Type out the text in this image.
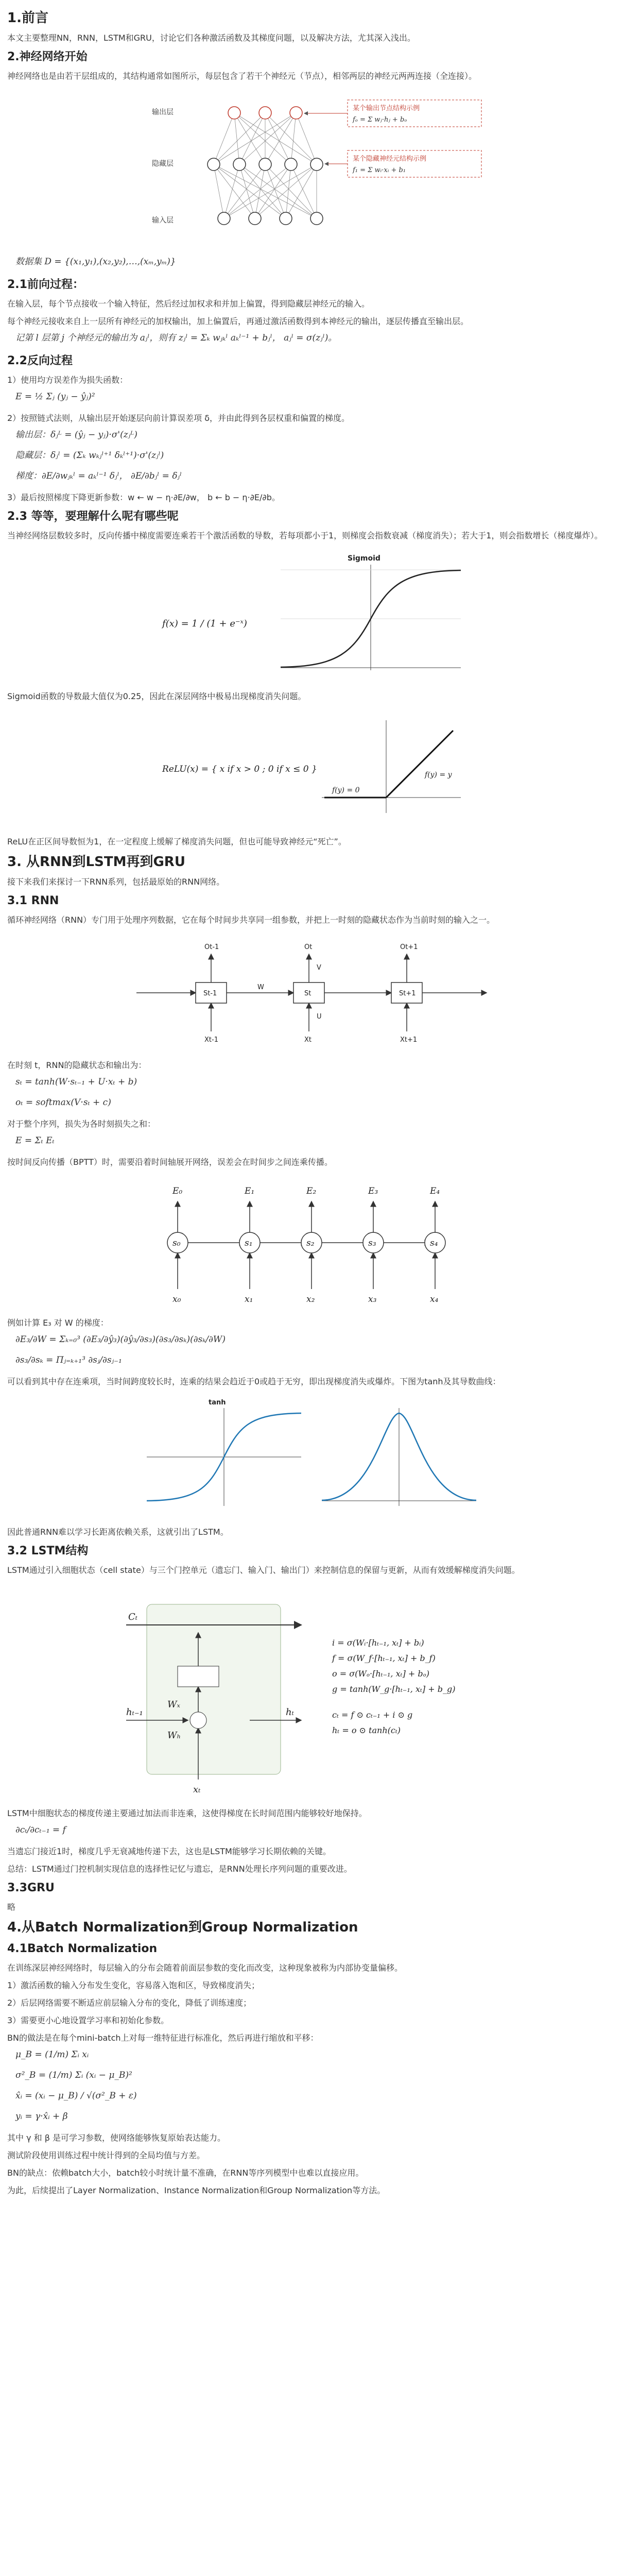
1.前言

本文主要整理NN，RNN，LSTM和GRU，讨论它们各种激活函数及其梯度问题，以及解决方法，尤其深入浅出。

2.神经网络开始

神经网络也是由若干层组成的，其结构通常如图所示，每层包含了若干个神经元（节点），相邻两层的神经元两两连接（全连接）。

输出层
隐藏层
输入层
某个输出节点结构示例
fₒ = Σ wⱼ·hⱼ + bₒ
某个隐藏神经元结构示例
f₁ = Σ wᵢ·xᵢ + b₁

数据集 D = {(x₁,y₁),(x₂,y₂),…,(xₘ,yₘ)}

2.1前向过程：

在输入层，每个节点接收一个输入特征，然后经过加权求和并加上偏置，得到隐藏层神经元的输入。

每个神经元接收来自上一层所有神经元的加权输出，加上偏置后，再通过激活函数得到本神经元的输出，逐层传播直至输出层。

记第 l 层第 j 个神经元的输出为 aⱼˡ，则有 zⱼˡ = Σₖ wⱼₖˡ aₖˡ⁻¹ + bⱼˡ， aⱼˡ = σ(zⱼˡ)。

2.2反向过程

1）使用均方误差作为损失函数：

E = ½ Σⱼ (yⱼ − ŷⱼ)²

2）按照链式法则，从输出层开始逐层向前计算误差项 δ，并由此得到各层权重和偏置的梯度。

输出层：δⱼᴸ = (ŷⱼ − yⱼ)·σ'(zⱼᴸ)

隐藏层：δⱼˡ = (Σₖ wₖⱼˡ⁺¹ δₖˡ⁺¹)·σ'(zⱼˡ)

梯度：∂E/∂wⱼₖˡ = aₖˡ⁻¹ δⱼˡ， ∂E/∂bⱼˡ = δⱼˡ

3）最后按照梯度下降更新参数：w ← w − η·∂E/∂w， b ← b − η·∂E/∂b。

2.3 等等，要理解什么呢有哪些呢

当神经网络层数较多时，反向传播中梯度需要连乘若干个激活函数的导数，若每项都小于1，则梯度会指数衰减（梯度消失）；若大于1，则会指数增长（梯度爆炸）。

f(x) = 1 / (1 + e⁻ˣ)
Sigmoid

Sigmoid函数的导数最大值仅为0.25，因此在深层网络中极易出现梯度消失问题。

ReLU(x) = { x if x > 0 ; 0 if x ≤ 0 }
f(y) = 0
f(y) = y

ReLU在正区间导数恒为1，在一定程度上缓解了梯度消失问题，但也可能导致神经元“死亡”。

3. 从RNN到LSTM再到GRU

接下来我们来探讨一下RNN系列，包括最原始的RNN网络。

3.1 RNN

循环神经网络（RNN）专门用于处理序列数据，它在每个时间步共享同一组参数，并把上一时刻的隐藏状态作为当前时刻的输入之一。

Ot-1	Ot	Ot+1
St-1	St	St+1
Xt-1	Xt	Xt+1
W
V
U

在时刻 t，RNN的隐藏状态和输出为：

sₜ = tanh(W·sₜ₋₁ + U·xₜ + b)

oₜ = softmax(V·sₜ + c)

对于整个序列，损失为各时刻损失之和：

E = Σₜ Eₜ

按时间反向传播（BPTT）时，需要沿着时间轴展开网络，误差会在时间步之间连乘传播。

E₀	E₁	E₂	E₃	E₄
s₀	s₁	s₂	s₃	s₄
x₀	x₁	x₂	x₃	x₄

例如计算 E₃ 对 W 的梯度：

∂E₃/∂W = Σₖ₌₀³ (∂E₃/∂ŷ₃)(∂ŷ₃/∂s₃)(∂s₃/∂sₖ)(∂sₖ/∂W)

∂s₃/∂sₖ = Πⱼ₌ₖ₊₁³ ∂sⱼ/∂sⱼ₋₁

可以看到其中存在连乘项，当时间跨度较长时，连乘的结果会趋近于0或趋于无穷，即出现梯度消失或爆炸。下图为tanh及其导数曲线：

tanh

因此普通RNN难以学习长距离依赖关系，这就引出了LSTM。

3.2 LSTM结构

LSTM通过引入细胞状态（cell state）与三个门控单元（遗忘门、输入门、输出门）来控制信息的保留与更新，从而有效缓解梯度消失问题。

Cₜ
Wₓ
Wₕ
xₜ
hₜ₋₁	hₜ
i = σ(Wᵢ·[hₜ₋₁, xₜ] + bᵢ)
f = σ(W_f·[hₜ₋₁, xₜ] + b_f)
o = σ(Wₒ·[hₜ₋₁, xₜ] + bₒ)
g = tanh(W_g·[hₜ₋₁, xₜ] + b_g)
cₜ = f ⊙ cₜ₋₁ + i ⊙ g
hₜ = o ⊙ tanh(cₜ)

LSTM中细胞状态的梯度传递主要通过加法而非连乘，这使得梯度在长时间范围内能够较好地保持。

∂cₜ/∂cₜ₋₁ = f

当遗忘门接近1时，梯度几乎无衰减地传递下去，这也是LSTM能够学习长期依赖的关键。

总结：LSTM通过门控机制实现信息的选择性记忆与遗忘，是RNN处理长序列问题的重要改进。

3.3GRU

略

4.从Batch Normalization到Group Normalization
4.1Batch Normalization

在训练深层神经网络时，每层输入的分布会随着前面层参数的变化而改变，这种现象被称为内部协变量偏移。

1）激活函数的输入分布发生变化，容易落入饱和区，导致梯度消失；

2）后层网络需要不断适应前层输入分布的变化，降低了训练速度；

3）需要更小心地设置学习率和初始化参数。

BN的做法是在每个mini-batch上对每一维特征进行标准化，然后再进行缩放和平移：

μ_B = (1/m) Σᵢ xᵢ

σ²_B = (1/m) Σᵢ (xᵢ − μ_B)²

x̂ᵢ = (xᵢ − μ_B) / √(σ²_B + ε)

yᵢ = γ·x̂ᵢ + β

其中 γ 和 β 是可学习参数，使网络能够恢复原始表达能力。

测试阶段使用训练过程中统计得到的全局均值与方差。

BN的缺点：依赖batch大小，batch较小时统计量不准确，在RNN等序列模型中也难以直接应用。

为此，后续提出了Layer Normalization、Instance Normalization和Group Normalization等方法。
